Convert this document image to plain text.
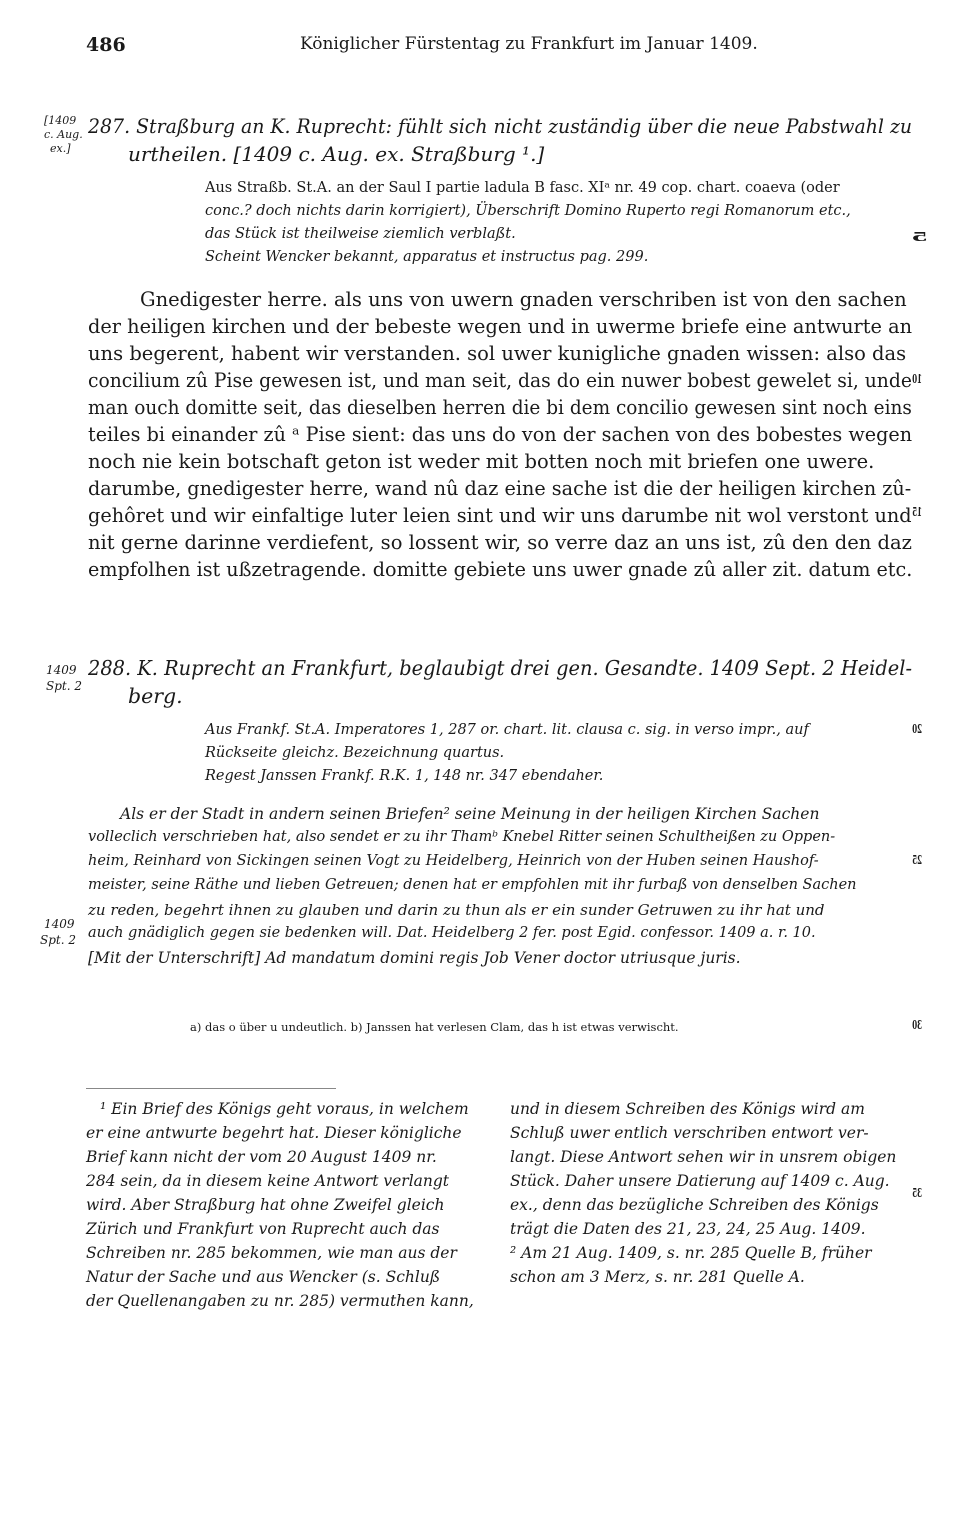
486	Königlicher Fürstentag zu Frankfurt im Januar 1409.
[1409
c. Aug.
ex.]
287. Straßburg an K. Ruprecht: fühlt sich nicht zuständig über die neue Pabstwahl zu
urtheilen. [1409 c. Aug. ex. Straßburg ¹.]
Aus Straßb. St.A. an der Saul I partie ladula B fasc. XIᵃ nr. 49 cop. chart. coaeva (oder
conc.? doch nichts darin korrigiert), Überschrift Domino Ruperto regi Romanorum etc.,
das Stück ist theilweise ziemlich verblaßt.
Scheint Wencker bekannt, apparatus et instructus pag. 299.
Gnedigester herre. als uns von uwern gnaden verschriben ist von den sachen
der heiligen kirchen und der bebeste wegen und in uwerme briefe eine antwurte an
uns begerent, habent wir verstanden. sol uwer kunigliche gnaden wissen: also das
concilium zû Pise gewesen ist, und man seit, das do ein nuwer bobest gewelet si, unde
man ouch domitte seit, das dieselben herren die bi dem concilio gewesen sint noch eins
teiles bi einander zû ᵃ Pise sient: das uns do von der sachen von des bobestes wegen
noch nie kein botschaft geton ist weder mit botten noch mit briefen one uwere.
darumbe, gnedigester herre, wand nû daz eine sache ist die der heiligen kirchen zû-
gehôret und wir einfaltige luter leien sint und wir uns darumbe nit wol verstont und
nit gerne darinne verdiefent, so lossent wir, so verre daz an uns ist, zû den den daz
empfolhen ist ußzetragende. domitte gebiete uns uwer gnade zû aller zit. datum etc.
5
10
15
20
25
30
35
1409
Spt. 2
288. K. Ruprecht an Frankfurt, beglaubigt drei gen. Gesandte. 1409 Sept. 2 Heidel-
berg.
Aus Frankf. St.A. Imperatores 1, 287 or. chart. lit. clausa c. sig. in verso impr., auf
Rückseite gleichz. Bezeichnung quartus.
Regest Janssen Frankf. R.K. 1, 148 nr. 347 ebendaher.
Als er der Stadt in andern seinen Briefen² seine Meinung in der heiligen Kirchen Sachen
volleclich verschrieben hat, also sendet er zu ihr Thamᵇ Knebel Ritter seinen Schultheißen zu Oppen-
heim, Reinhard von Sickingen seinen Vogt zu Heidelberg, Heinrich von der Huben seinen Haushof-
meister, seine Räthe und lieben Getreuen; denen hat er empfohlen mit ihr furbaß von denselben Sachen
zu reden, begehrt ihnen zu glauben und darin zu thun als er ein sunder Getruwen zu ihr hat und
auch gnädiglich gegen sie bedenken will. Dat. Heidelberg 2 fer. post Egid. confessor. 1409 a. r. 10.
[Mit der Unterschrift] Ad mandatum domini regis Job Vener doctor utriusque juris.
1409
Spt. 2
a) das o über u undeutlich. b) Janssen hat verlesen Clam, das h ist etwas verwischt.
¹ Ein Brief des Königs geht voraus, in welchem
er eine antwurte begehrt hat. Dieser königliche
Brief kann nicht der vom 20 August 1409 nr.
284 sein, da in diesem keine Antwort verlangt
wird. Aber Straßburg hat ohne Zweifel gleich
Zürich und Frankfurt von Ruprecht auch das
Schreiben nr. 285 bekommen, wie man aus der
Natur der Sache und aus Wencker (s. Schluß
der Quellenangaben zu nr. 285) vermuthen kann,
und in diesem Schreiben des Königs wird am
Schluß uwer entlich verschriben entwort ver-
langt. Diese Antwort sehen wir in unsrem obigen
Stück. Daher unsere Datierung auf 1409 c. Aug.
ex., denn das bezügliche Schreiben des Königs
trägt die Daten des 21, 23, 24, 25 Aug. 1409.
² Am 21 Aug. 1409, s. nr. 285 Quelle B, früher
schon am 3 Merz, s. nr. 281 Quelle A.
